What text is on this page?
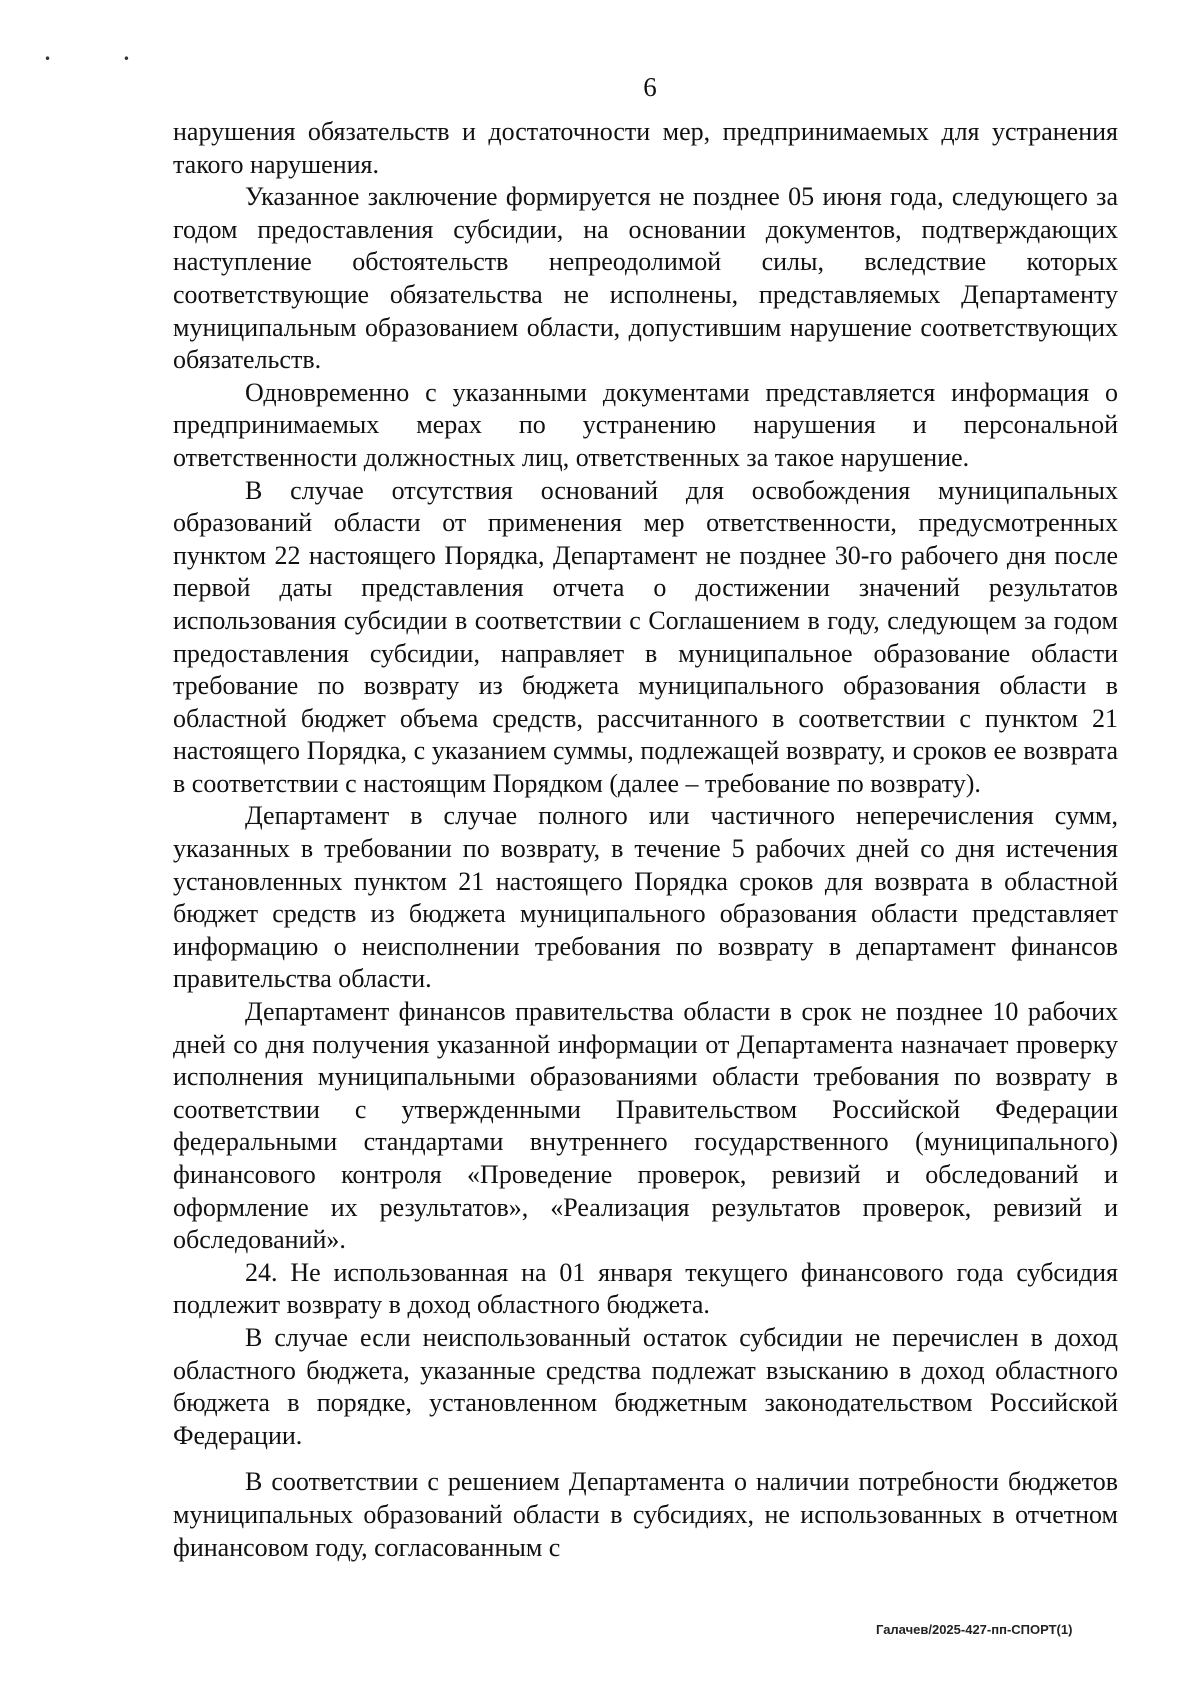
• •
6

нарушения обязательств и достаточности мер, предпринимаемых для устранения такого нарушения.

Указанное заключение формируется не позднее 05 июня года, следующего за годом предоставления субсидии, на основании документов, подтверждающих наступление обстоятельств непреодолимой силы, вследствие которых соответствующие обязательства не исполнены, представляемых Департаменту муниципальным образованием области, допустившим нарушение соответствующих обязательств.

Одновременно с указанными документами представляется информация о предпринимаемых мерах по устранению нарушения и персональной ответственности должностных лиц, ответственных за такое нарушение.

В случае отсутствия оснований для освобождения муниципальных образований области от применения мер ответственности, предусмотренных пунктом 22 настоящего Порядка, Департамент не позднее 30-го рабочего дня после первой даты представления отчета о достижении значений результатов использования субсидии в соответствии с Соглашением в году, следующем за годом предоставления субсидии, направляет в муниципальное образование области требование по возврату из бюджета муниципального образования области в областной бюджет объема средств, рассчитанного в соответствии с пунктом 21 настоящего Порядка, с указанием суммы, подлежащей возврату, и сроков ее возврата в соответствии с настоящим Порядком (далее – требование по возврату).

Департамент в случае полного или частичного неперечисления сумм, указанных в требовании по возврату, в течение 5 рабочих дней со дня истечения установленных пунктом 21 настоящего Порядка сроков для возврата в областной бюджет средств из бюджета муниципального образования области представляет информацию о неисполнении требования по возврату в департамент финансов правительства области.

Департамент финансов правительства области в срок не позднее 10 рабочих дней со дня получения указанной информации от Департамента назначает проверку исполнения муниципальными образованиями области требования по возврату в соответствии с утвержденными Правительством Российской Федерации федеральными стандартами внутреннего государственного (муниципального) финансового контроля «Проведение проверок, ревизий и обследований и оформление их результатов», «Реализация результатов проверок, ревизий и обследований».

24. Не использованная на 01 января текущего финансового года субсидия подлежит возврату в доход областного бюджета.

В случае если неиспользованный остаток субсидии не перечислен в доход областного бюджета, указанные средства подлежат взысканию в доход областного бюджета в порядке, установленном бюджетным законодательством Российской Федерации.

В соответствии с решением Департамента о наличии потребности бюджетов муниципальных образований области в субсидиях, не использованных в отчетном финансовом году, согласованным с

Галачев/2025-427-пп-СПОРТ(1)
